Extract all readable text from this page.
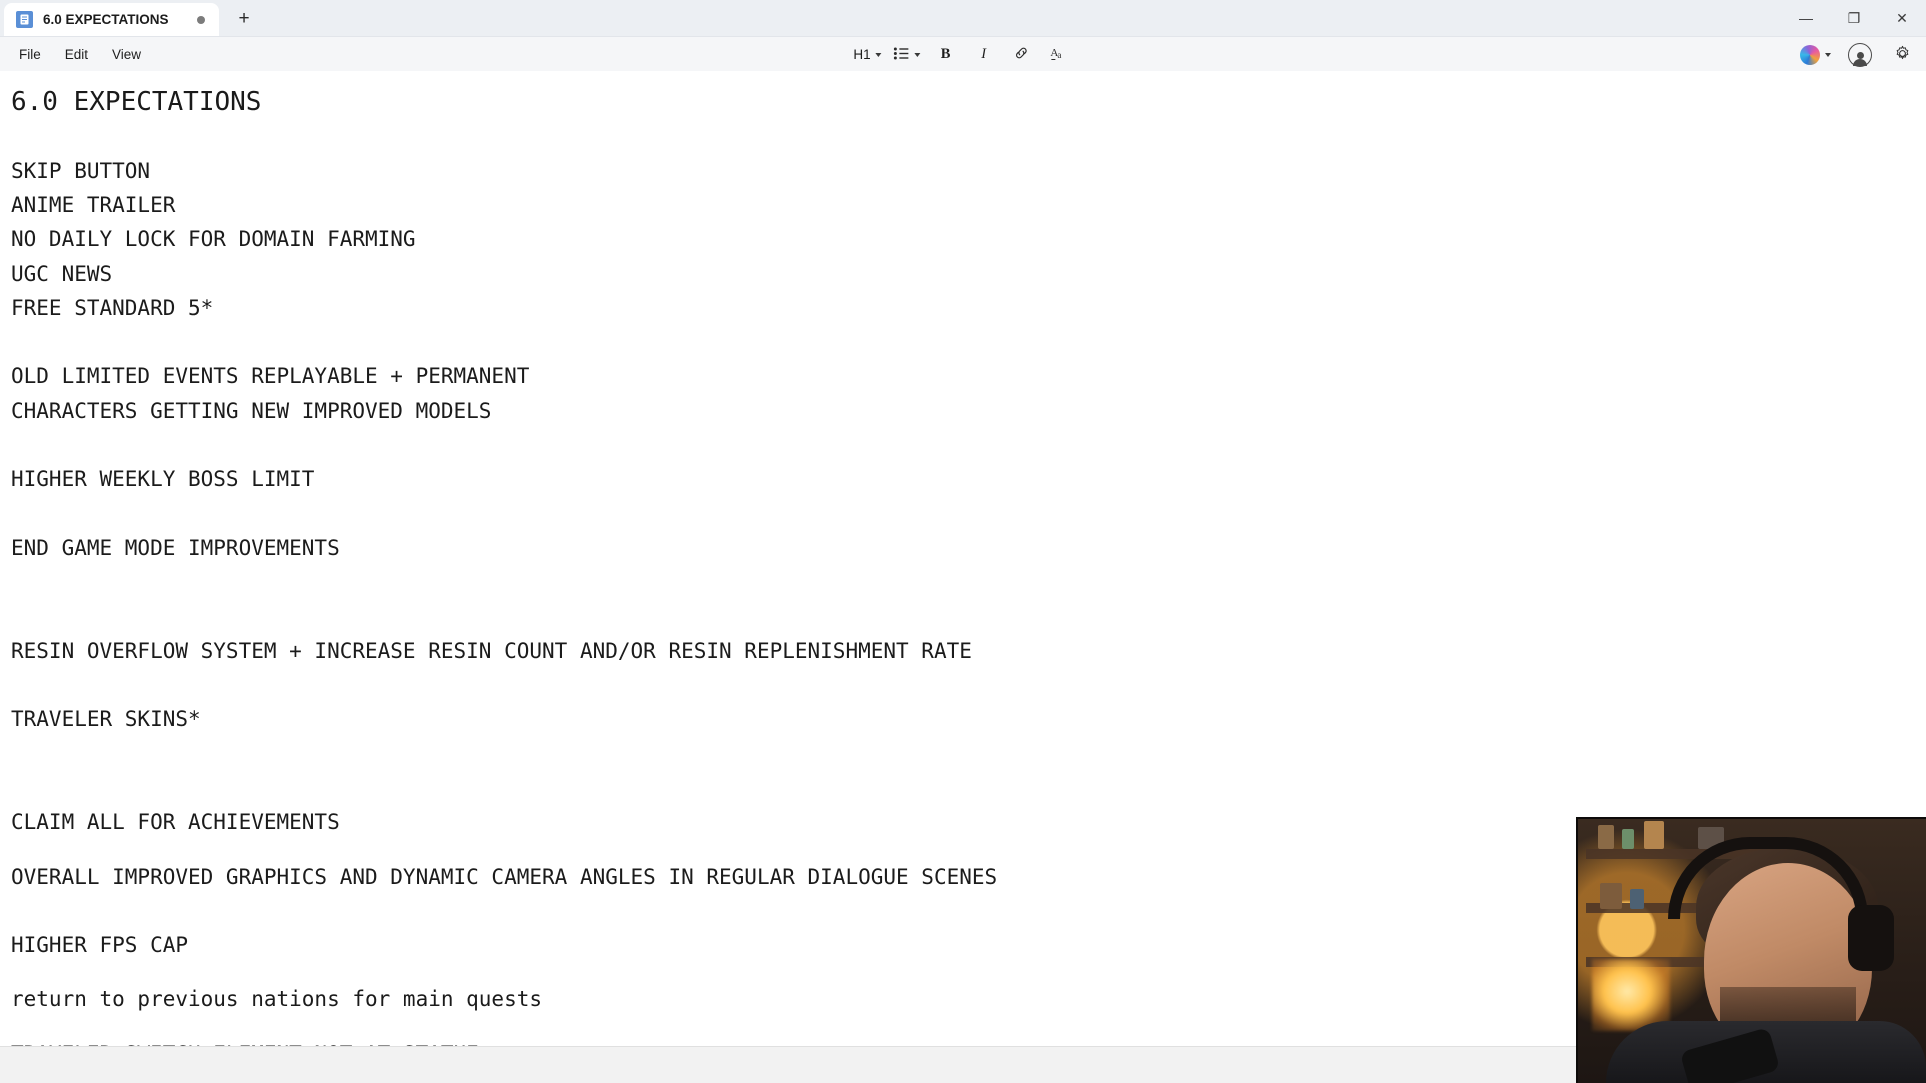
6.0 EXPECTATIONS	+	—	❐	✕
File	Edit	View	H1	B I	A a
6.0 EXPECTATIONS
SKIP BUTTON
ANIME TRAILER
NO DAILY LOCK FOR DOMAIN FARMING
UGC NEWS
FREE STANDARD 5*
OLD LIMITED EVENTS REPLAYABLE + PERMANENT
CHARACTERS GETTING NEW IMPROVED MODELS
HIGHER WEEKLY BOSS LIMIT
END GAME MODE IMPROVEMENTS
RESIN OVERFLOW SYSTEM + INCREASE RESIN COUNT AND/OR RESIN REPLENISHMENT RATE
TRAVELER SKINS*
CLAIM ALL FOR ACHIEVEMENTS
OVERALL IMPROVED GRAPHICS AND DYNAMIC CAMERA ANGLES IN REGULAR DIALOGUE SCENES
HIGHER FPS CAP
return to previous nations for main quests
